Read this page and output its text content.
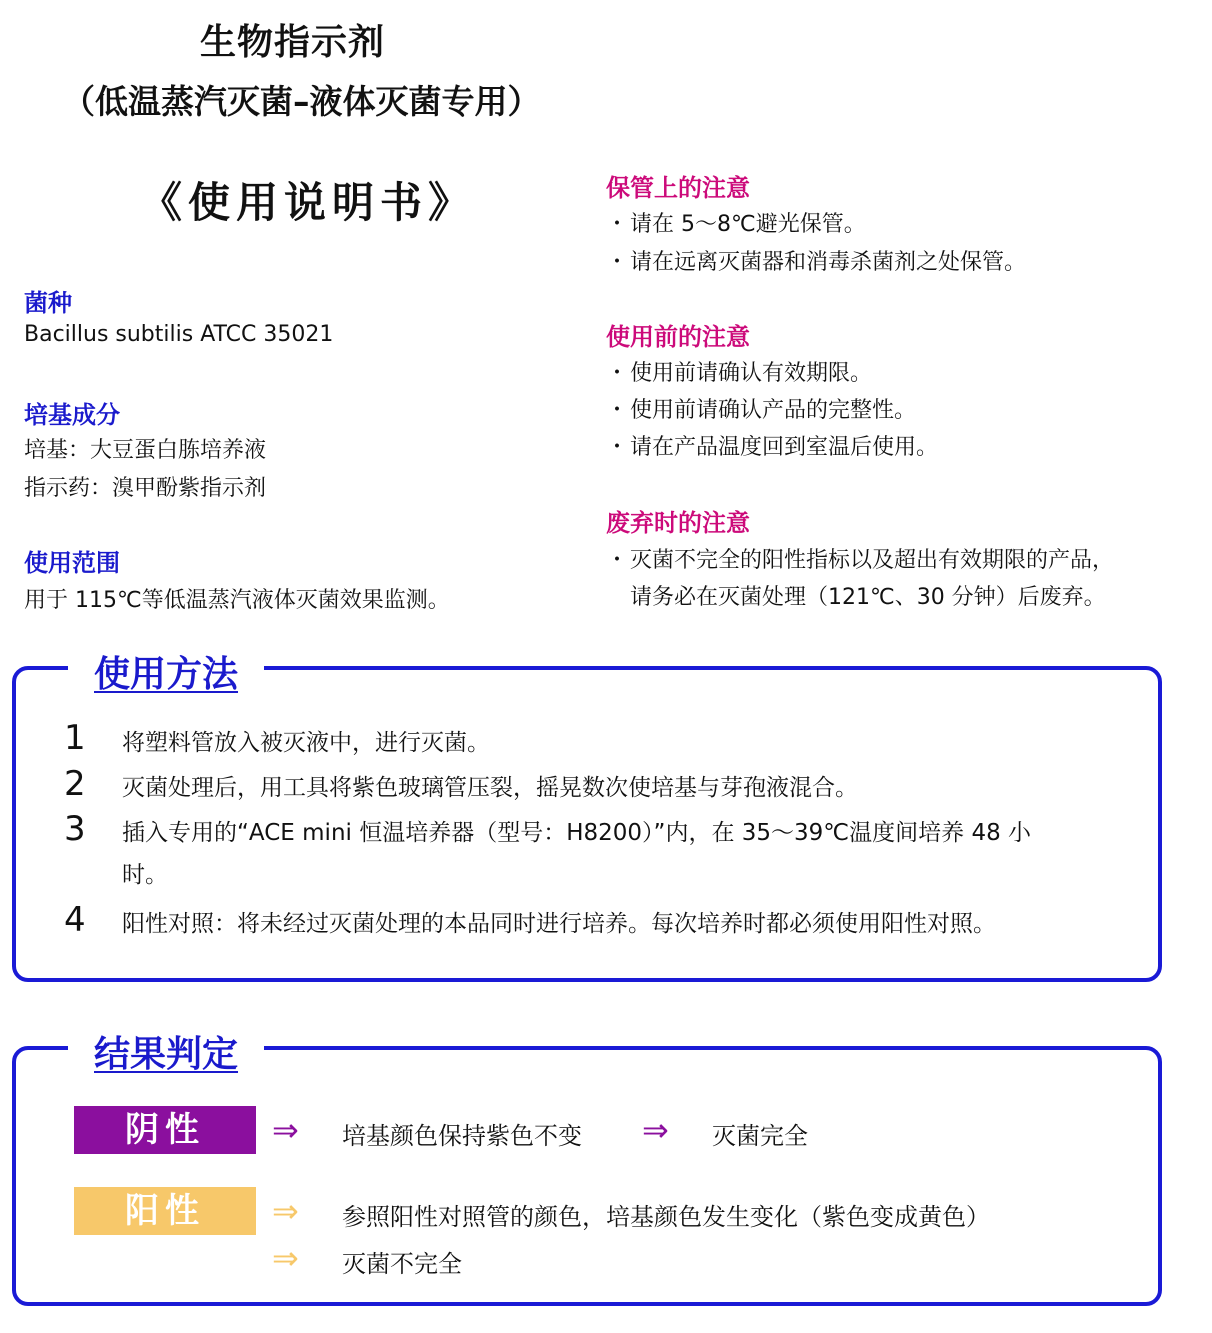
生物指示剂
（低温蒸汽灭菌–液体灭菌专用）
《使用说明书》
菌种
Bacillus subtilis ATCC 35021
培基成分
培基：大豆蛋白胨培养液
指示药：溴甲酚紫指示剂
使用范围
用于 115℃等低温蒸汽液体灭菌效果监测。
保管上的注意
・ 请在 5～8℃避光保管。
・ 请在远离灭菌器和消毒杀菌剂之处保管。
使用前的注意
・ 使用前请确认有效期限。
・ 使用前请确认产品的完整性。
・ 请在产品温度回到室温后使用。
废弃时的注意
・ 灭菌不完全的阳性指标以及超出有效期限的产品，
请务必在灭菌处理（121℃、30 分钟）后废弃。
使用方法
1 将塑料管放入被灭液中，进行灭菌。
2 灭菌处理后，用工具将紫色玻璃管压裂，摇晃数次使培基与芽孢液混合。
3 插入专用的“ACE mini 恒温培养器（型号：H8200）”内，在 35～39℃温度间培养 48 小
时。
4 阳性对照：将未经过灭菌处理的本品同时进行培养。每次培养时都必须使用阳性对照。
结果判定
阴性	⇒ 培基颜色保持紫色不变 ⇒ 灭菌完全
阳性	⇒ 参照阳性对照管的颜色，培基颜色发生变化（紫色变成黄色）
⇒ 灭菌不完全
